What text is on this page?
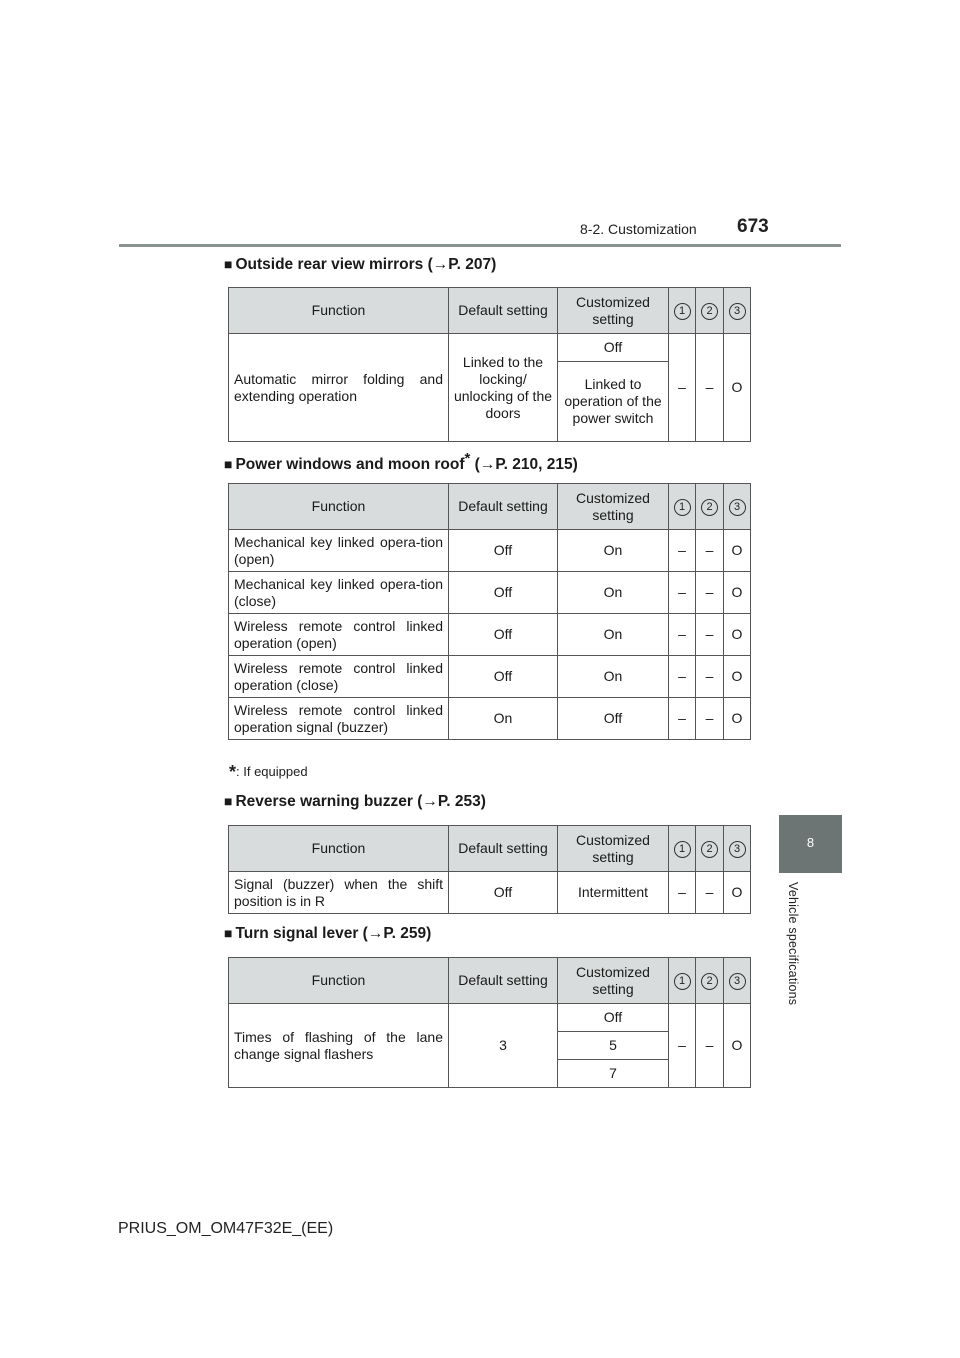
8-2. Customization 673
8
Vehicle specifications
■ Outside rear view mirrors (→P. 207)
Function	Default setting	Customized setting	1	2	3
Automatic mirror folding and extending operation	Linked to the locking/ unlocking of the doors	Off	–	–	O
		Linked to operation of the power switch			
■ Power windows and moon roof* (→P. 210, 215)
Function	Default setting	Customized setting	1	2	3
Mechanical key linked opera-tion (open)	Off	On	–	–	O
Mechanical key linked opera-tion (close)	Off	On	–	–	O
Wireless remote control linked operation (open)	Off	On	–	–	O
Wireless remote control linked operation (close)	Off	On	–	–	O
Wireless remote control linked operation signal (buzzer)	On	Off	–	–	O
*: If equipped
■ Reverse warning buzzer (→P. 253)
Function	Default setting	Customized setting	1	2	3
Signal (buzzer) when the shift position is in R	Off	Intermittent	–	–	O
■ Turn signal lever (→P. 259)
Function	Default setting	Customized setting	1	2	3
Times of flashing of the lane change signal flashers	3	Off	–	–	O
		5			
		7			
PRIUS_OM_OM47F32E_(EE)
